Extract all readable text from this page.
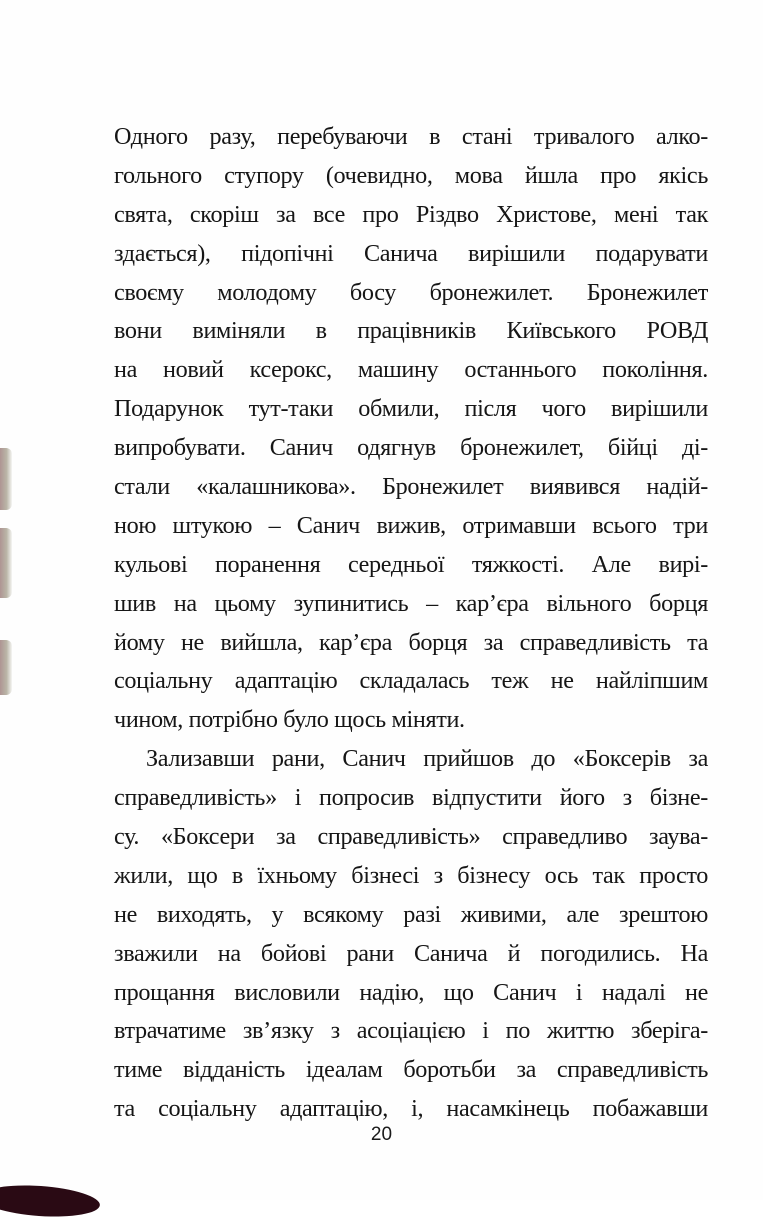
Одного разу, перебуваючи в стані тривалого алко-
гольного ступору (очевидно, мова йшла про якісь
свята, скоріш за все про Різдво Христове, мені так
здається), підопічні Санича вирішили подарувати
своєму молодому босу бронежилет. Бронежилет
вони виміняли в працівників Київського РОВД
на новий ксерокс, машину останнього покоління.
Подарунок тут-таки обмили, після чого вирішили
випробувати. Санич одягнув бронежилет, бійці ді-
стали «калашникова». Бронежилет виявився надій-
ною штукою – Санич вижив, отримавши всього три
кульові поранення середньої тяжкості. Але вирі-
шив на цьому зупинитись – кар’єра вільного борця
йому не вийшла, кар’єра борця за справедливість та
соціальну адаптацію складалась теж не найліпшим
чином, потрібно було щось міняти.
Зализавши рани, Санич прийшов до «Боксерів за
справедливість» і попросив відпустити його з бізне-
су. «Боксери за справедливість» справедливо заува-
жили, що в їхньому бізнесі з бізнесу ось так просто
не виходять, у всякому разі живими, але зрештою
зважили на бойові рани Санича й погодились. На
прощання висловили надію, що Санич і надалі не
втрачатиме зв’язку з асоціацією і по життю зберіга-
тиме відданість ідеалам боротьби за справедливість
та соціальну адаптацію, і, насамкінець побажавши
20
